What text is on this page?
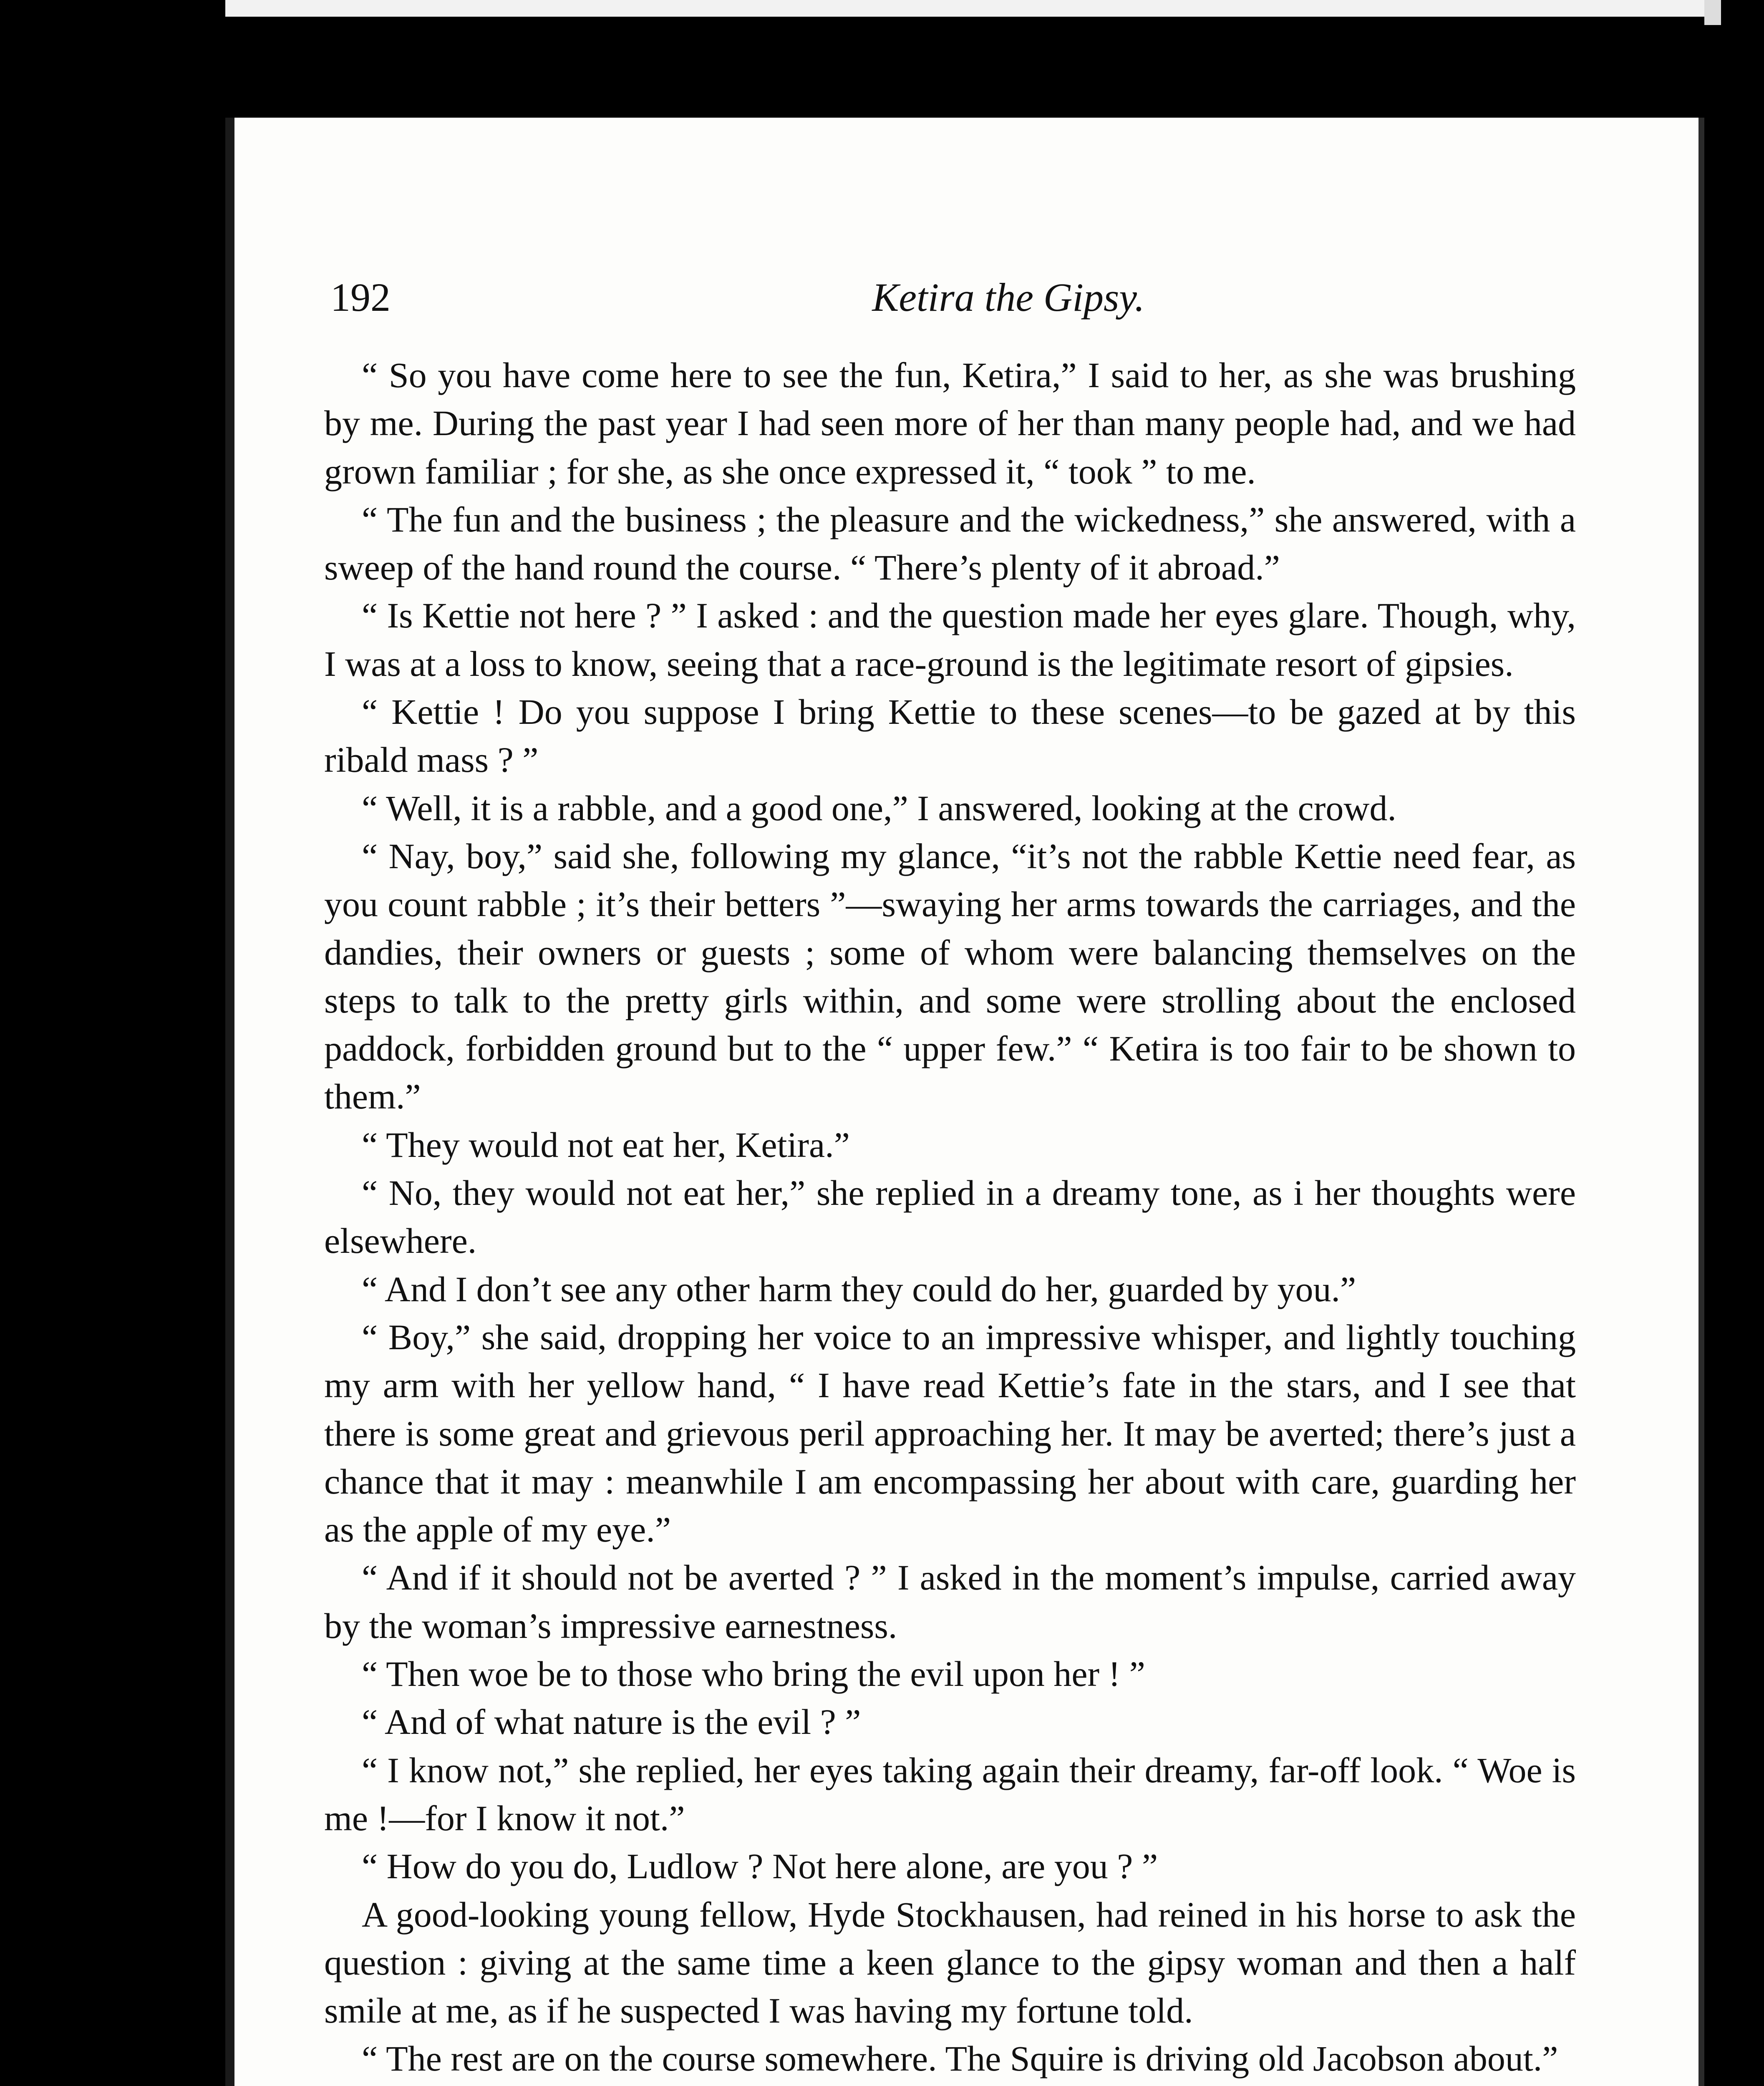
192	Ketira the Gipsy.

“ So you have come here to see the fun, Ketira,” I said to her, as she was brushing by me. During the past year I had seen more of her than many people had, and we had grown familiar ; for she, as she once expressed it, “ took ” to me.

“ The fun and the business ; the pleasure and the wickedness,” she answered, with a sweep of the hand round the course. “ There’s plenty of it abroad.”

“ Is Kettie not here ? ” I asked : and the question made her eyes glare. Though, why, I was at a loss to know, seeing that a race-ground is the legitimate resort of gipsies.

“ Kettie ! Do you suppose I bring Kettie to these scenes—to be gazed at by this ribald mass ? ”

“ Well, it is a rabble, and a good one,” I answered, looking at the crowd.

“ Nay, boy,” said she, following my glance, “it’s not the rabble Kettie need fear, as you count rabble ; it’s their betters ”—swaying her arms towards the carriages, and the dandies, their owners or guests ; some of whom were balancing themselves on the steps to talk to the pretty girls within, and some were strolling about the enclosed paddock, forbidden ground but to the “ upper few.” “ Ketira is too fair to be shown to them.”

“ They would not eat her, Ketira.”

“ No, they would not eat her,” she replied in a dreamy tone, as i her thoughts were elsewhere.

“ And I don’t see any other harm they could do her, guarded by you.”

“ Boy,” she said, dropping her voice to an impressive whisper, and lightly touching my arm with her yellow hand, “ I have read Kettie’s fate in the stars, and I see that there is some great and grievous peril approaching her. It may be averted; there’s just a chance that it may : meanwhile I am encompassing her about with care, guarding her as the apple of my eye.”

“ And if it should not be averted ? ” I asked in the moment’s impulse, carried away by the woman’s impressive earnestness.

“ Then woe be to those who bring the evil upon her ! ”

“ And of what nature is the evil ? ”

“ I know not,” she replied, her eyes taking again their dreamy, far-off look. “ Woe is me !—for I know it not.”

“ How do you do, Ludlow ? Not here alone, are you ? ”

A good-looking young fellow, Hyde Stockhausen, had reined in his horse to ask the question : giving at the same time a keen glance to the gipsy woman and then a half smile at me, as if he suspected I was having my fortune told.

“ The rest are on the course somewhere. The Squire is driving old Jacobson about.”
